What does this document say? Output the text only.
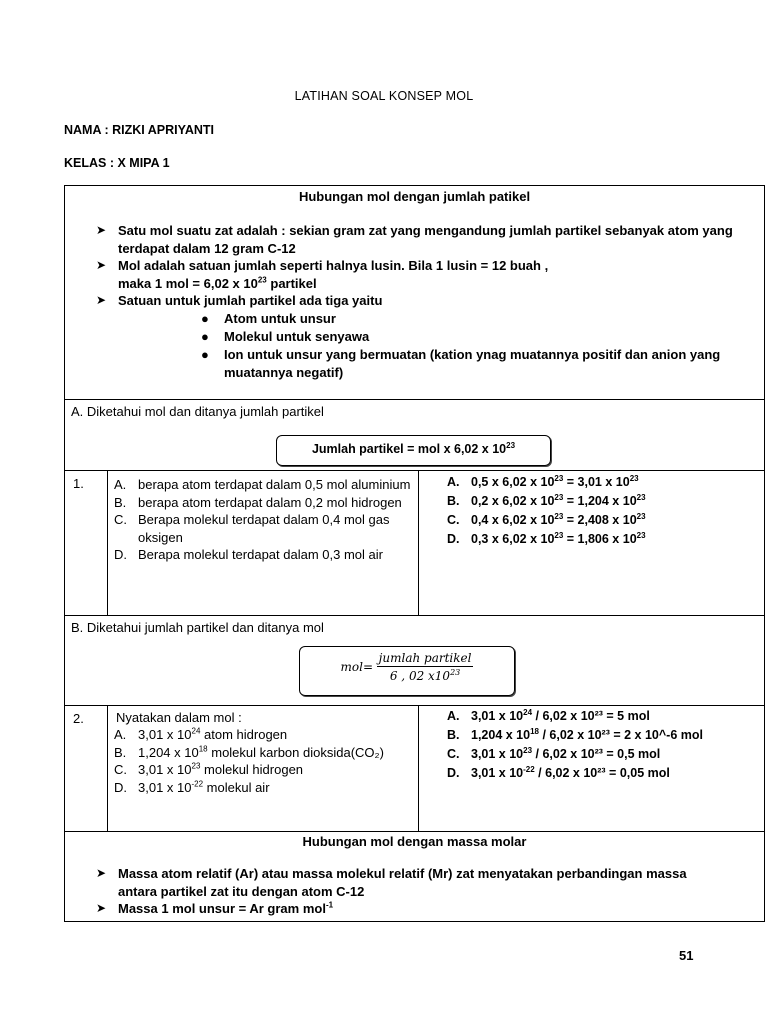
LATIHAN SOAL KONSEP MOL
NAMA : RIZKI APRIYANTI
KELAS : X MIPA 1
Hubungan mol dengan jumlah patikel
➤ Satu mol suatu zat adalah : sekian gram zat yang mengandung jumlah partikel sebanyak atom yang terdapat dalam 12 gram C-12
➤ Mol adalah satuan jumlah seperti halnya lusin. Bila 1 lusin = 12 buah ,
maka 1 mol = 6,02 x $10^{23}$ partikel
➤ Satuan untuk jumlah partikel ada tiga yaitu
● Atom untuk unsur
● Molekul untuk senyawa
● Ion untuk unsur yang bermuatan (kation ynag muatannya positif dan anion yang muatannya negatif)
A. Diketahui mol dan ditanya jumlah partikel
Jumlah partikel = mol x 6,02 x $10^{23}$
1.	A. berapa atom terdapat dalam 0,5 mol aluminium
B. berapa atom terdapat dalam 0,2 mol hidrogen
C. Berapa molekul terdapat dalam 0,4 mol gas oksigen
D. Berapa molekul terdapat dalam 0,3 mol air
A. 0,5 x 6,02 x $10^{23} = 3,01$ x $10^{23}$
B. 0,2 x 6,02 x $10^{23} = 1,204$ x $10^{23}$
C. 0,4 x 6,02 x $10^{23} = 2,408$ x $10^{23}$
D. 0,3 x 6,02 x $10^{23} = 1,806$ x $10^{23}$
B. Diketahui jumlah partikel dan ditanya mol
$mol= \frac{\text{jumlah partikel}}{6 , 02 x10^{23}}$
2.	Nyatakan dalam mol :
A. 3,01 x $10^{24}$ atom hidrogen
B. 1,204 x $10^{18}$ molekul karbon dioksida(CO₂)
C. 3,01 x $10^{23}$ molekul hidrogen
D. 3,01 x $10^{-22}$ molekul air
A. 3,01 x $10^{24} / 6,02$ x 10²³ = 5 mol
B. 1,204 x $10^{18} / 6,02$ x 10²³ = 2 x 10^-6 mol
C. 3,01 x $10^{23} / 6,02$ x 10²³ = 0,5 mol
D. 3,01 x $10^{-22} / 6,02$ x 10²³ = 0,05 mol
Hubungan mol dengan massa molar
➤ Massa atom relatif (Ar) atau massa molekul relatif (Mr) zat menyatakan perbandingan massa antara partikel zat itu dengan atom C-12
➤ Massa 1 mol unsur = Ar gram mol$^{-1}$
51
